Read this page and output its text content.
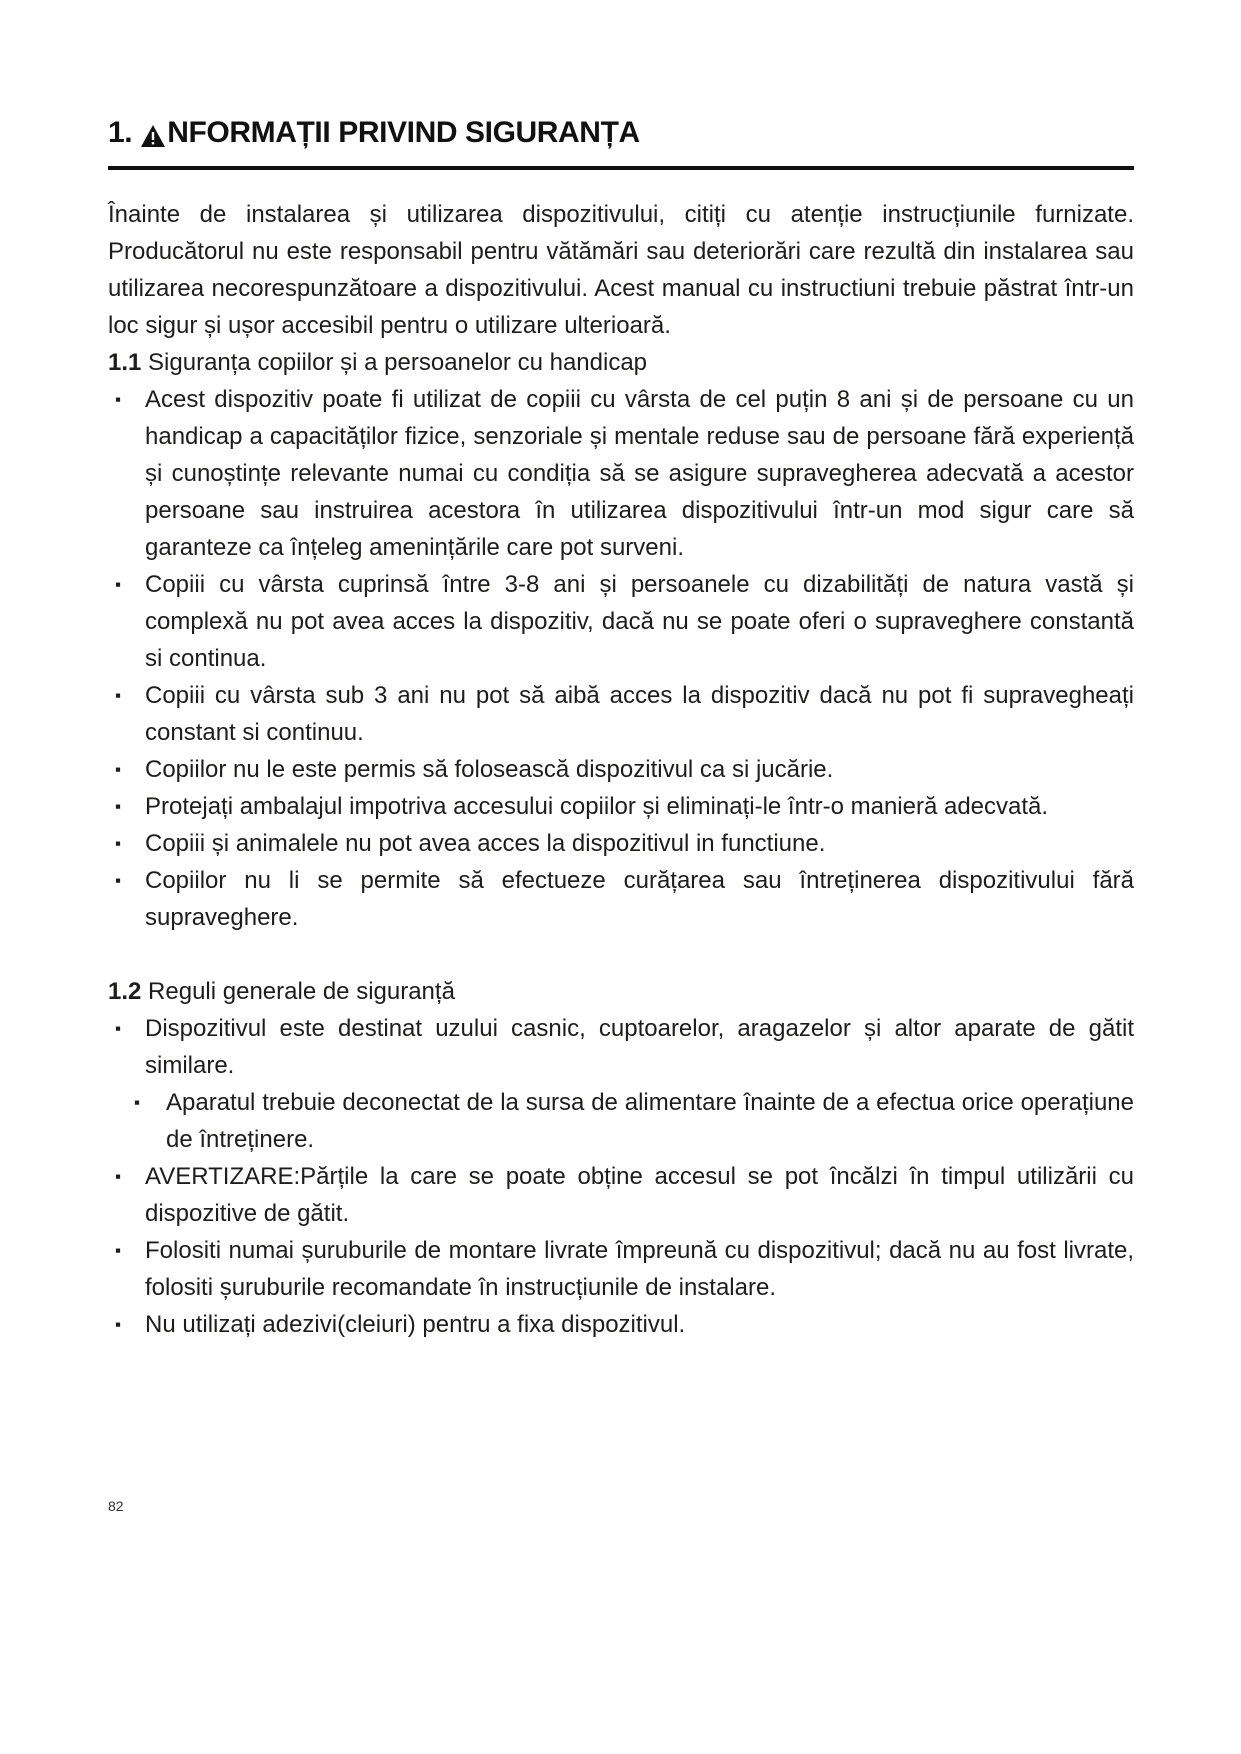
1. NFORMAȚII PRIVIND SIGURANȚA

Înainte de instalarea și utilizarea dispozitivului, citiți cu atenție instrucțiunile furnizate. Producătorul nu este responsabil pentru vătămări sau deteriorări care rezultă din instalarea sau utilizarea necorespunzătoare a dispozitivului. Acest manual cu instructiuni trebuie păstrat într-un loc sigur și ușor accesibil pentru o utilizare ulterioară.

1.1 Siguranța copiilor și a persoanelor cu handicap

▪ Acest dispozitiv poate fi utilizat de copiii cu vârsta de cel puțin 8 ani și de persoane cu un handicap a capacităților fizice, senzoriale și mentale reduse sau de persoane fără experiență și cunoștințe relevante numai cu condiția să se asigure supravegherea adecvată a acestor persoane sau instruirea acestora în utilizarea dispozitivului într-un mod sigur care să garanteze ca înțeleg amenințările care pot surveni.
▪ Copiii cu vârsta cuprinsă între 3-8 ani și persoanele cu dizabilități de natura vastă și complexă nu pot avea acces la dispozitiv, dacă nu se poate oferi o supraveghere constantă si continua.
▪ Copiii cu vârsta sub 3 ani nu pot să aibă acces la dispozitiv dacă nu pot fi supravegheați constant si continuu.
▪ Copiilor nu le este permis să folosească dispozitivul ca si jucărie.
▪ Protejați ambalajul impotriva accesului copiilor și eliminați-le într-o manieră adecvată.
▪ Copiii și animalele nu pot avea acces la dispozitivul in functiune.
▪ Copiilor nu li se permite să efectueze curățarea sau întreținerea dispozitivului fără supraveghere.

1.2 Reguli generale de siguranță

▪ Dispozitivul este destinat uzului casnic, cuptoarelor, aragazelor și altor aparate de gătit similare.
▪ Aparatul trebuie deconectat de la sursa de alimentare înainte de a efectua orice operațiune de întreținere.
▪ AVERTIZARE:Părțile la care se poate obține accesul se pot încălzi în timpul utilizării cu dispozitive de gătit.
▪ Folositi numai șuruburile de montare livrate împreună cu dispozitivul; dacă nu au fost livrate, folositi șuruburile recomandate în instrucțiunile de instalare.
▪ Nu utilizați adezivi(cleiuri) pentru a fixa dispozitivul.
82
